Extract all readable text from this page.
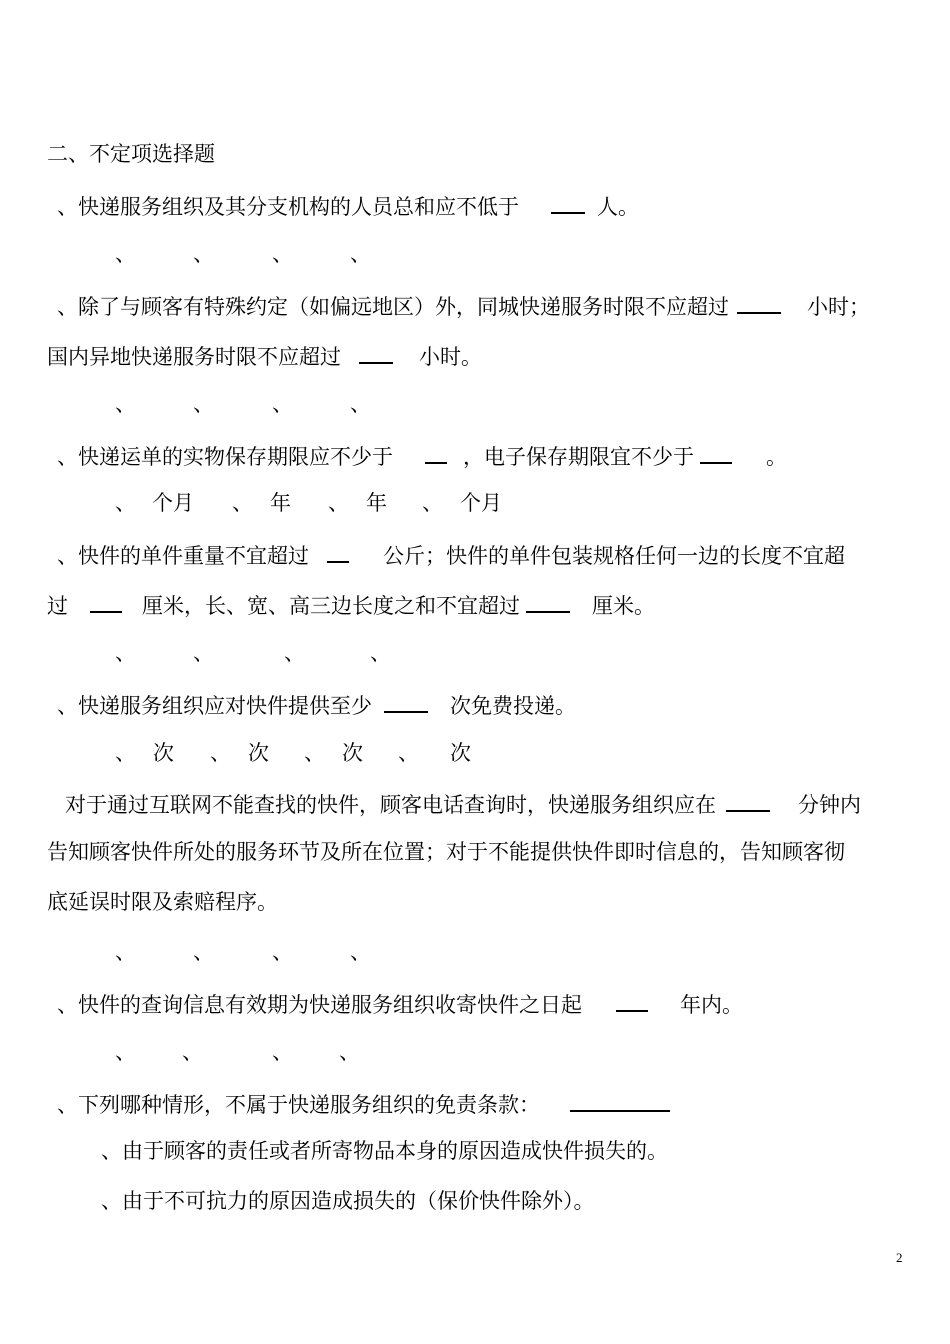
二、不定项选择题
、快递服务组织及其分支机构的人员总和应不低于	人。
、	、	、	、
、除了与顾客有特殊约定（如偏远地区）外，同城快递服务时限不应超过	小时；
国内异地快递服务时限不应超过	小时。
、	、	、	、
、快递运单的实物保存期限应不少于	，电子保存期限宜不少于	。
、 个月 、 年 、 年 、 个月
、快件的单件重量不宜超过	公斤；快件的单件包装规格任何一边的长度不宜超
过	厘米，长、宽、高三边长度之和不宜超过	厘米。
、	、	、	、
、快递服务组织应对快件提供至少	次免费投递。
、 次 、 次 、 次 、 次
对于通过互联网不能查找的快件，顾客电话查询时，快递服务组织应在	分钟内
告知顾客快件所处的服务环节及所在位置；对于不能提供快件即时信息的，告知顾客彻
底延误时限及索赔程序。
、	、	、	、
、快件的查询信息有效期为快递服务组织收寄快件之日起	年内。
、 、	、 、
、下列哪种情形，不属于快递服务组织的免责条款：
、由于顾客的责任或者所寄物品本身的原因造成快件损失的。
、由于不可抗力的原因造成损失的（保价快件除外）。
2
